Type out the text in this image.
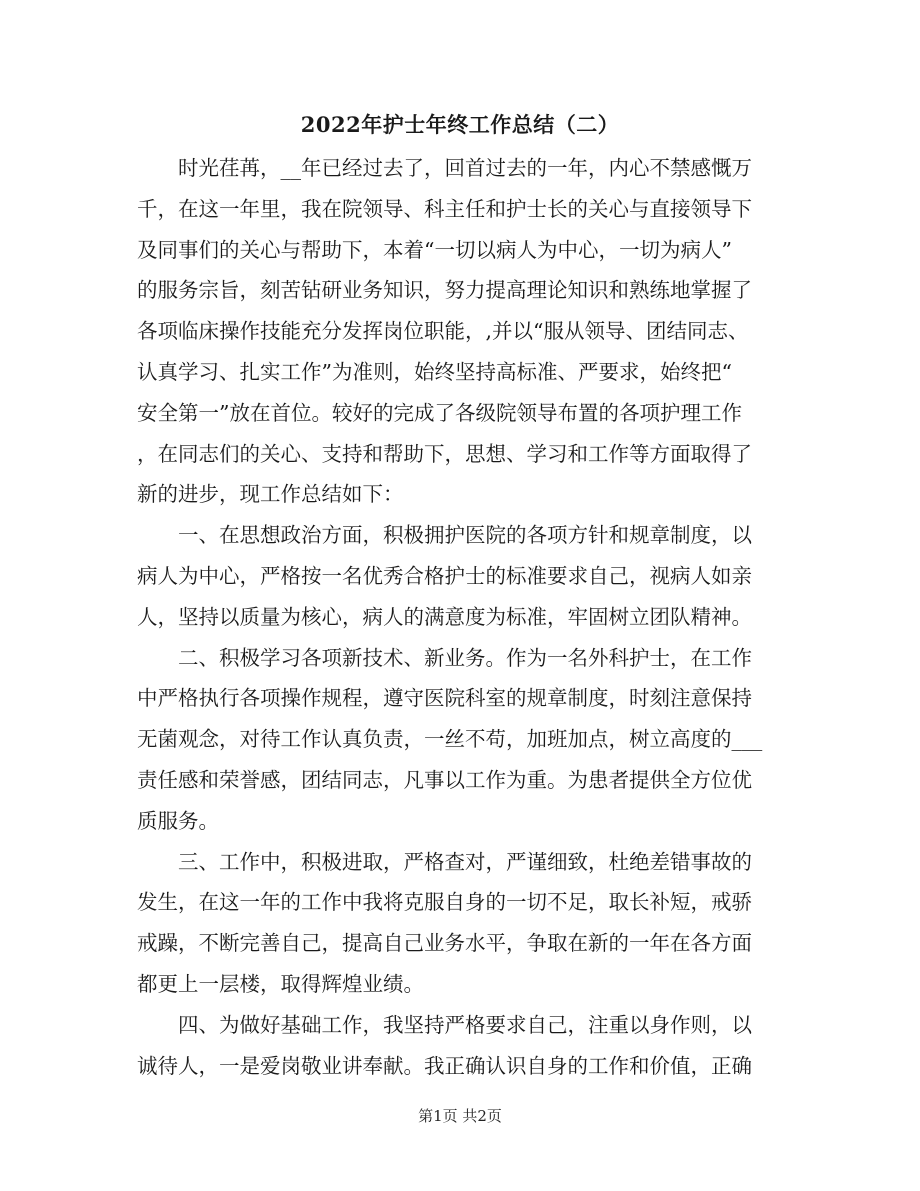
2022年护士年终工作总结（二）
　　时光荏苒，__年已经过去了，回首过去的一年，内心不禁感慨万
千，在这一年里，我在院领导、科主任和护士长的关心与直接领导下
及同事们的关心与帮助下，本着“一切以病人为中心，一切为病人”
的服务宗旨，刻苦钻研业务知识，努力提高理论知识和熟练地掌握了
各项临床操作技能充分发挥岗位职能，,并以“服从领导、团结同志、
认真学习、扎实工作”为准则，始终坚持高标准、严要求，始终把“
安全第一”放在首位。较好的完成了各级院领导布置的各项护理工作
，在同志们的关心、支持和帮助下，思想、学习和工作等方面取得了
新的进步，现工作总结如下：
　　一、在思想政治方面，积极拥护医院的各项方针和规章制度，以
病人为中心，严格按一名优秀合格护士的标准要求自己，视病人如亲
人，坚持以质量为核心，病人的满意度为标准，牢固树立团队精神。
　　二、积极学习各项新技术、新业务。作为一名外科护士，在工作
中严格执行各项操作规程，遵守医院科室的规章制度，时刻注意保持
无菌观念，对待工作认真负责，一丝不苟，加班加点，树立高度的___
责任感和荣誉感，团结同志，凡事以工作为重。为患者提供全方位优
质服务。
　　三、工作中，积极进取，严格查对，严谨细致，杜绝差错事故的
发生，在这一年的工作中我将克服自身的一切不足，取长补短，戒骄
戒躁，不断完善自己，提高自己业务水平，争取在新的一年在各方面
都更上一层楼，取得辉煌业绩。
　　四、为做好基础工作，我坚持严格要求自己，注重以身作则，以
诚待人，一是爱岗敬业讲奉献。我正确认识自身的工作和价值，正确
第1页 共2页
